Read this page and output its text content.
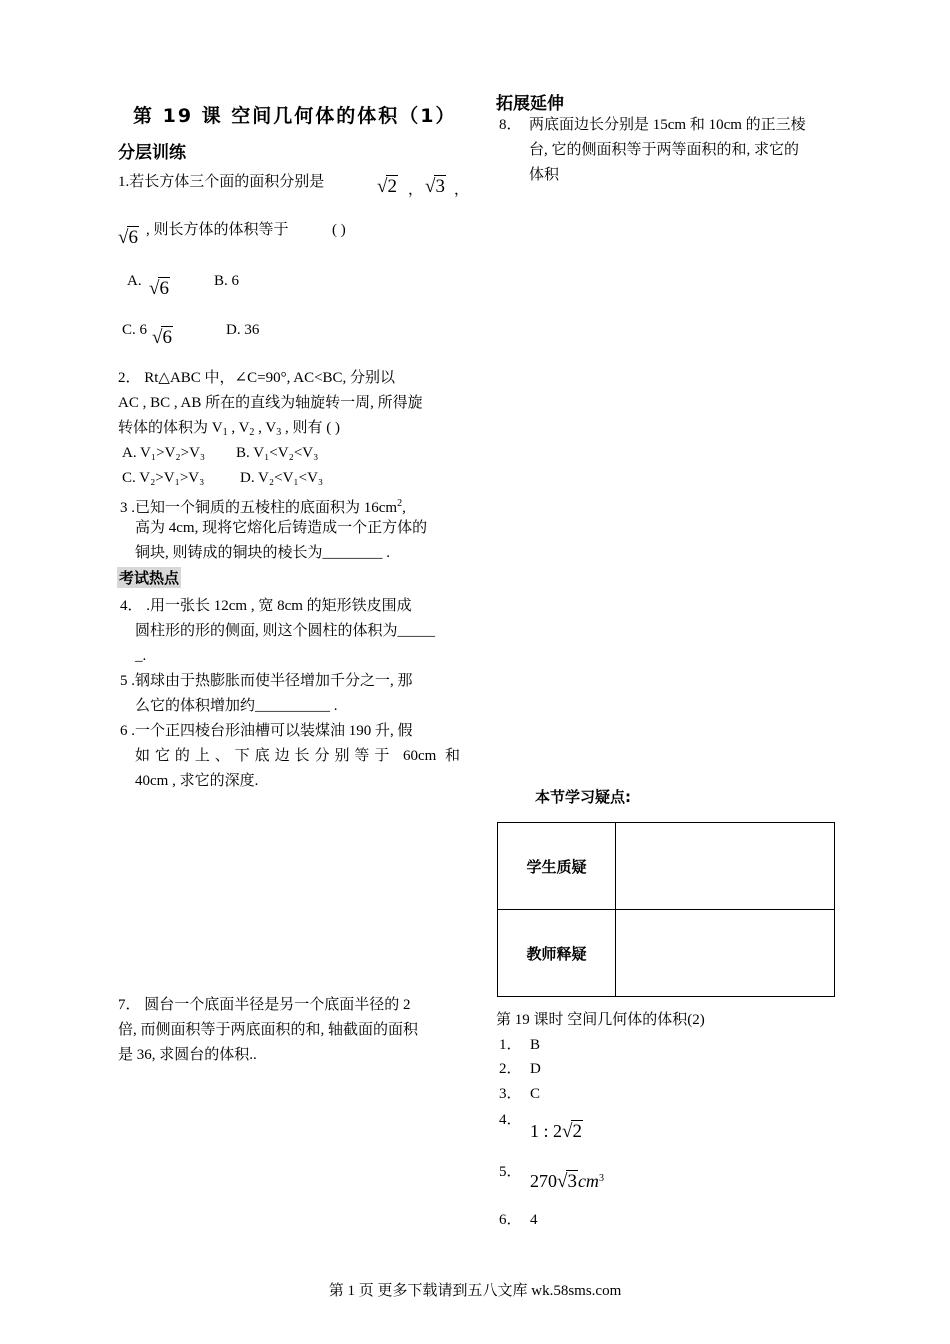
第 19 课 空间几何体的体积（1）
分层训练
1.若长方体三个面的面积分别是	√2 ， √3 ，
√6 , 则长方体的体积等于	( )
A. √6	B. 6
C. 6 √6	D. 36
2． Rt△ABC 中，∠C=90°, AC<BC, 分别以
AC , BC , AB 所在的直线为轴旋转一周, 所得旋
转体的体积为 $V_1$ , $V_2$ , $V_3$ , 则有 ( )
A. V₁>V₂>V₃ B. V₁<V₂<V₃
C. V₂>V₁>V₃ D. V₂<V₁<V₃
3 .已知一个铜质的五棱柱的底面积为 $16cm^2$,
高为 4cm, 现将它熔化后铸造成一个正方体的
铜块, 则铸成的铜块的棱长为________ .
考试热点
4． .用一张长 12cm , 宽 8cm 的矩形铁皮围成
圆柱形的形的侧面, 则这个圆柱的体积为_____
_.
5 .钢球由于热膨胀而使半径增加千分之一, 那
么它的体积增加约__________ .
6 .一个正四棱台形油槽可以装煤油 190 升, 假
如它的上、下底边长分别等于 60cm 和
40cm , 求它的深度.
7． 圆台一个底面半径是另一个底面半径的 2
倍, 而侧面积等于两底面积的和, 轴截面的面积
是 36, 求圆台的体积..
拓展延伸
8． 两底面边长分别是 15cm 和 10cm 的正三棱
台, 它的侧面积等于两等面积的和, 求它的
体积
本节学习疑点:
学生质疑	
教师释疑	
第 19 课时 空间几何体的体积(2)
1． B
2． D
3． C
4．
1 : 2√2
5． $270√3cm^3$
6． 4
第 1 页 更多下载请到五八文库 wk.58sms.com
